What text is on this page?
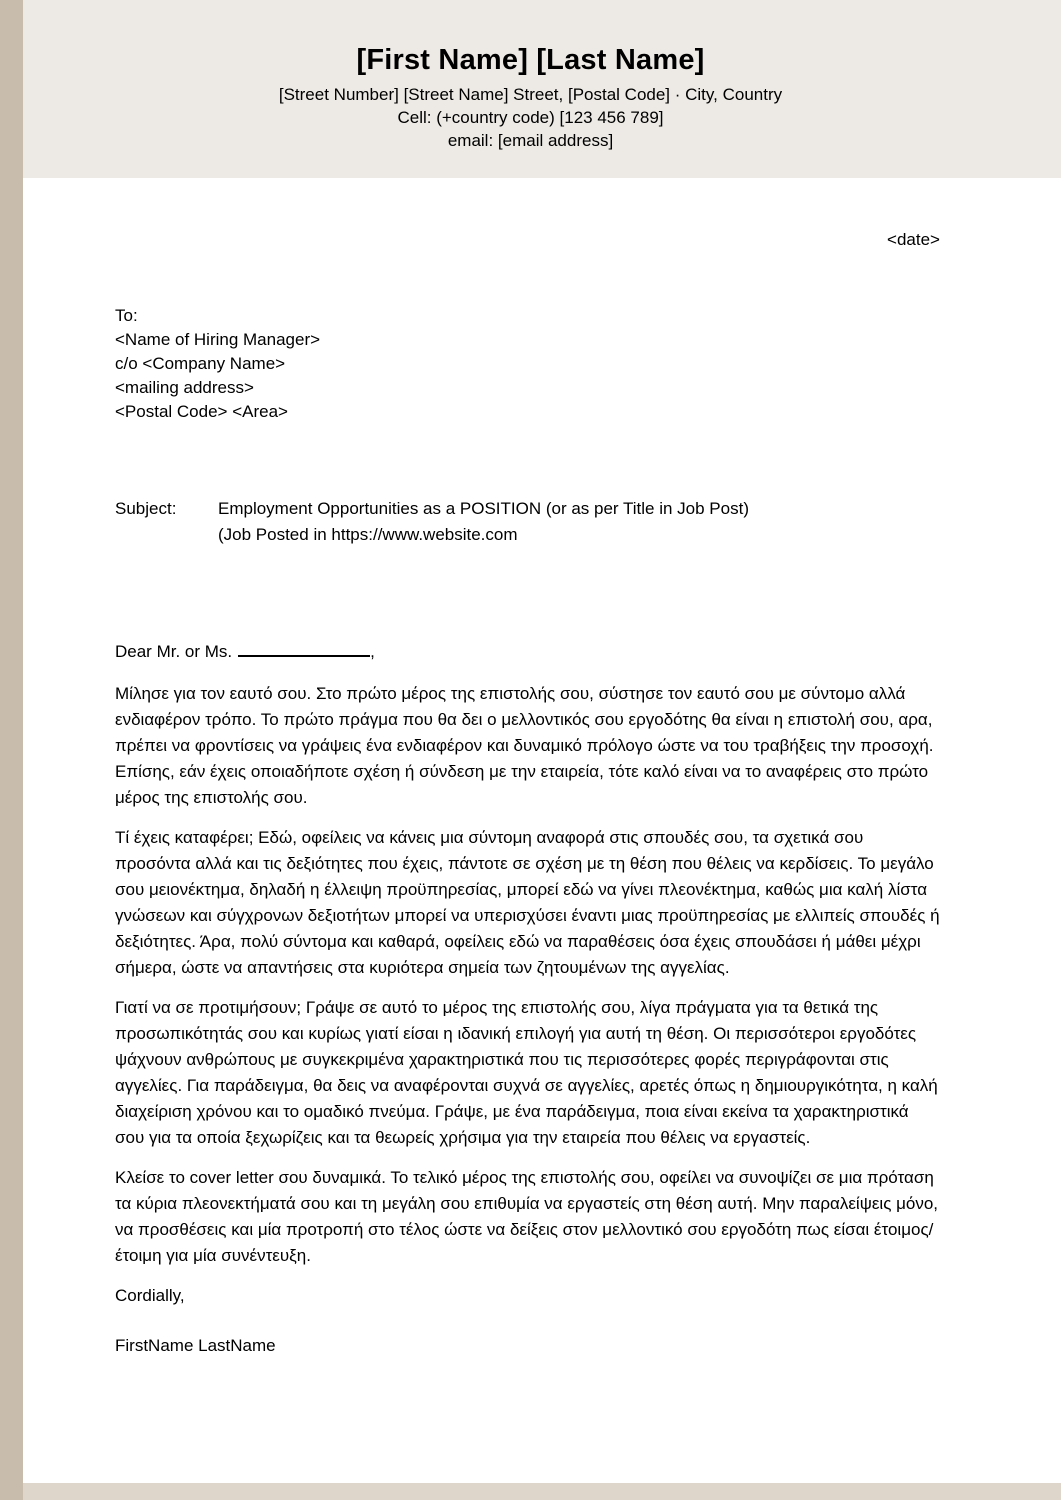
[First Name] [Last Name]
[Street Number] [Street Name] Street, [Postal Code] · City, Country
Cell: (+country code) [123 456 789]
email: [email address]
<date>
To:
<Name of Hiring Manager>
c/o <Company Name>
<mailing address>
<Postal Code> <Area>
Subject:	Employment Opportunities as a POSITION (or as per Title in Job Post)
(Job Posted in https://www.website.com
Dear Mr. or Ms.	,

Μίλησε για τον εαυτό σου. Στο πρώτο μέρος της επιστολής σου, σύστησε τον εαυτό σου με σύντομο αλλά ενδιαφέρον τρόπο. Το πρώτο πράγμα που θα δει ο μελλοντικός σου εργοδότης θα είναι η επιστολή σου, αρα, πρέπει να φροντίσεις να γράψεις ένα ενδιαφέρον και δυναμικό πρόλογο ώστε να του τραβήξεις την προσοχή. Επίσης, εάν έχεις οποιαδήποτε σχέση ή σύνδεση με την εταιρεία, τότε καλό είναι να το αναφέρεις στο πρώτο μέρος της επιστολής σου.

Τί έχεις καταφέρει; Εδώ, οφείλεις να κάνεις μια σύντομη αναφορά στις σπουδές σου, τα σχετικά σου προσόντα αλλά και τις δεξιότητες που έχεις, πάντοτε σε σχέση με τη θέση που θέλεις να κερδίσεις. Το μεγάλο σου μειονέκτημα, δηλαδή η έλλειψη προϋπηρεσίας, μπορεί εδώ να γίνει πλεονέκτημα, καθώς μια καλή λίστα γνώσεων και σύγχρονων δεξιοτήτων μπορεί να υπερισχύσει έναντι μιας προϋπηρεσίας με ελλιπείς σπουδές ή δεξιότητες. Άρα, πολύ σύντομα και καθαρά, οφείλεις εδώ να παραθέσεις όσα έχεις σπουδάσει ή μάθει μέχρι σήμερα, ώστε να απαντήσεις στα κυριότερα σημεία των ζητουμένων της αγγελίας.

Γιατί να σε προτιμήσουν; Γράψε σε αυτό το μέρος της επιστολής σου, λίγα πράγματα για τα θετικά της προσωπικότητάς σου και κυρίως γιατί είσαι η ιδανική επιλογή για αυτή τη θέση. Οι περισσότεροι εργοδότες ψάχνουν ανθρώπους με συγκεκριμένα χαρακτηριστικά που τις περισσότερες φορές περιγράφονται στις αγγελίες. Για παράδειγμα, θα δεις να αναφέρονται συχνά σε αγγελίες, αρετές όπως η δημιουργικότητα, η καλή διαχείριση χρόνου και το ομαδικό πνεύμα. Γράψε, με ένα παράδειγμα, ποια είναι εκείνα τα χαρακτηριστικά σου για τα οποία ξεχωρίζεις και τα θεωρείς χρήσιμα για την εταιρεία που θέλεις να εργαστείς.

Κλείσε το cover letter σου δυναμικά. Το τελικό μέρος της επιστολής σου, οφείλει να συνοψίζει σε μια πρόταση τα κύρια πλεονεκτήματά σου και τη μεγάλη σου επιθυμία να εργαστείς στη θέση αυτή. Μην παραλείψεις μόνο, να προσθέσεις και μία προτροπή στο τέλος ώστε να δείξεις στον μελλοντικό σου εργοδότη πως είσαι έτοιμος/έτοιμη για μία συνέντευξη.

Cordially,
FirstName LastName
